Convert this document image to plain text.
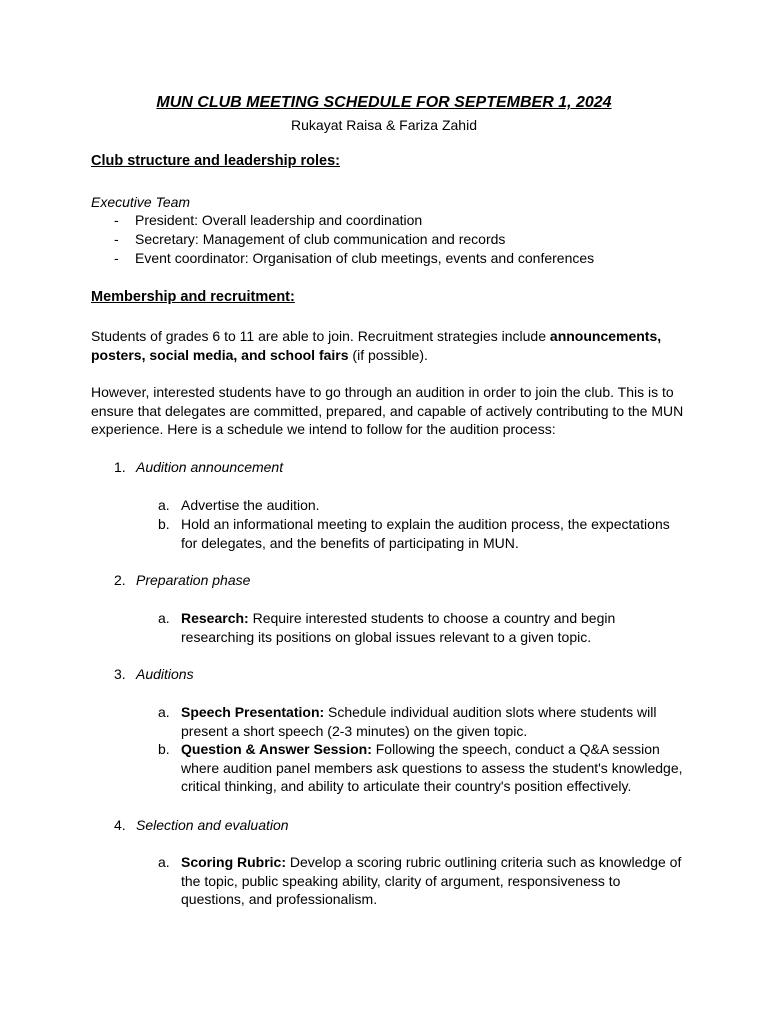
MUN CLUB MEETING SCHEDULE FOR SEPTEMBER 1, 2024

Rukayat Raisa & Fariza Zahid

Club structure and leadership roles:

Executive Team

- President: Overall leadership and coordination
- Secretary: Management of club communication and records
- Event coordinator: Organisation of club meetings, events and conferences

Membership and recruitment:

Students of grades 6 to 11 are able to join. Recruitment strategies include announcements, posters, social media, and school fairs (if possible).

However, interested students have to go through an audition in order to join the club. This is to ensure that delegates are committed, prepared, and capable of actively contributing to the MUN experience. Here is a schedule we intend to follow for the audition process:

1. Audition announcement
a. Advertise the audition.
b. Hold an informational meeting to explain the audition process, the expectations for delegates, and the benefits of participating in MUN.
2. Preparation phase
a. Research: Require interested students to choose a country and begin researching its positions on global issues relevant to a given topic.
3. Auditions
a. Speech Presentation: Schedule individual audition slots where students will present a short speech (2-3 minutes) on the given topic.
b. Question & Answer Session: Following the speech, conduct a Q&A session where audition panel members ask questions to assess the student's knowledge, critical thinking, and ability to articulate their country's position effectively.
4. Selection and evaluation
a. Scoring Rubric: Develop a scoring rubric outlining criteria such as knowledge of the topic, public speaking ability, clarity of argument, responsiveness to questions, and professionalism.
